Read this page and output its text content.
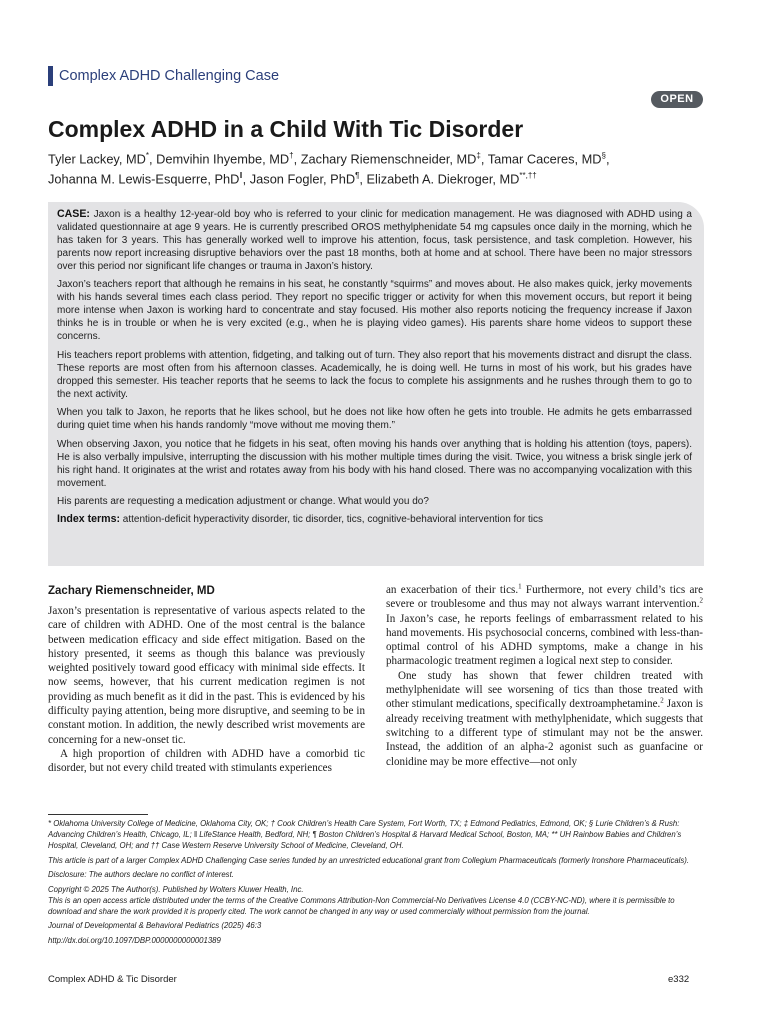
Complex ADHD Challenging Case
OPEN
Complex ADHD in a Child With Tic Disorder
Tyler Lackey, MD*, Demvihin Ihyembe, MD†, Zachary Riemenschneider, MD‡, Tamar Caceres, MD§,
Johanna M. Lewis-Esquerre, PhD‖, Jason Fogler, PhD¶, Elizabeth A. Diekroger, MD**,††

CASE: Jaxon is a healthy 12-year-old boy who is referred to your clinic for medication management. He was diagnosed with ADHD using a validated questionnaire at age 9 years. He is currently prescribed OROS methylphenidate 54 mg capsules once daily in the morning, which he has taken for 3 years. This has generally worked well to improve his attention, focus, task persistence, and task completion. However, his parents now report increasing disruptive behaviors over the past 18 months, both at home and at school. There have been no major stressors over this period nor significant life changes or trauma in Jaxon’s history.

Jaxon’s teachers report that although he remains in his seat, he constantly “squirms” and moves about. He also makes quick, jerky movements with his hands several times each class period. They report no specific trigger or activity for when this movement occurs, but report it being more intense when Jaxon is working hard to concentrate and stay focused. His mother also reports noticing the frequency increase if Jaxon thinks he is in trouble or when he is very excited (e.g., when he is playing video games). His parents share home videos to support these concerns.

His teachers report problems with attention, fidgeting, and talking out of turn. They also report that his movements distract and disrupt the class. These reports are most often from his afternoon classes. Academically, he is doing well. He turns in most of his work, but his grades have dropped this semester. His teacher reports that he seems to lack the focus to complete his assignments and he rushes through them to go to the next activity.

When you talk to Jaxon, he reports that he likes school, but he does not like how often he gets into trouble. He admits he gets embarrassed during quiet time when his hands randomly “move without me moving them.”

When observing Jaxon, you notice that he fidgets in his seat, often moving his hands over anything that is holding his attention (toys, papers). He is also verbally impulsive, interrupting the discussion with his mother multiple times during the visit. Twice, you witness a brisk single jerk of his right hand. It originates at the wrist and rotates away from his body with his hand closed. There was no accompanying vocalization with this movement.

His parents are requesting a medication adjustment or change. What would you do?

Index terms: attention-deficit hyperactivity disorder, tic disorder, tics, cognitive-behavioral intervention for tics

Zachary Riemenschneider, MD

Jaxon’s presentation is representative of various aspects related to the care of children with ADHD. One of the most central is the balance between medication efficacy and side effect mitigation. Based on the history presented, it seems as though this balance was previously weighted positively toward good efficacy with minimal side effects. It now seems, however, that his current medication regimen is not providing as much benefit as it did in the past. This is evidenced by his difficulty paying attention, being more disruptive, and seeming to be in constant motion. In addition, the newly described wrist movements are concerning for a new-onset tic.

A high proportion of children with ADHD have a comorbid tic disorder, but not every child treated with stimulants experiences

an exacerbation of their tics.$^1$ Furthermore, not every child’s tics are severe or troublesome and thus may not always warrant intervention.$^2$ In Jaxon’s case, he reports feelings of embarrassment related to his hand movements. His psychosocial concerns, combined with less-than-optimal control of his ADHD symptoms, make a change in his pharmacologic treatment regimen a logical next step to consider.

One study has shown that fewer children treated with methylphenidate will see worsening of tics than those treated with other stimulant medications, specifically dextroamphetamine.$^2$ Jaxon is already receiving treatment with methylphenidate, which suggests that switching to a different type of stimulant may not be the answer. Instead, the addition of an alpha-2 agonist such as guanfacine or clonidine may be more effective—not only

* Oklahoma University College of Medicine, Oklahoma City, OK; † Cook Children’s Health Care System, Fort Worth, TX; ‡ Edmond Pediatrics, Edmond, OK; § Lurie Children’s & Rush: Advancing Children’s Health, Chicago, IL; ‖ LifeStance Health, Bedford, NH; ¶ Boston Children’s Hospital & Harvard Medical School, Boston, MA; ** UH Rainbow Babies and Children’s Hospital, Cleveland, OH; and †† Case Western Reserve University School of Medicine, Cleveland, OH.

This article is part of a larger Complex ADHD Challenging Case series funded by an unrestricted educational grant from Collegium Pharmaceuticals (formerly Ironshore Pharmaceuticals).

Disclosure: The authors declare no conflict of interest.

Copyright © 2025 The Author(s). Published by Wolters Kluwer Health, Inc.

This is an open access article distributed under the terms of the Creative Commons Attribution-Non Commercial-No Derivatives License 4.0 (CCBY-NC-ND), where it is permissible to download and share the work provided it is properly cited. The work cannot be changed in any way or used commercially without permission from the journal.

Journal of Developmental & Behavioral Pediatrics (2025) 46:3

http://dx.doi.org/10.1097/DBP.0000000000001389

Complex ADHD & Tic Disorder	e332
